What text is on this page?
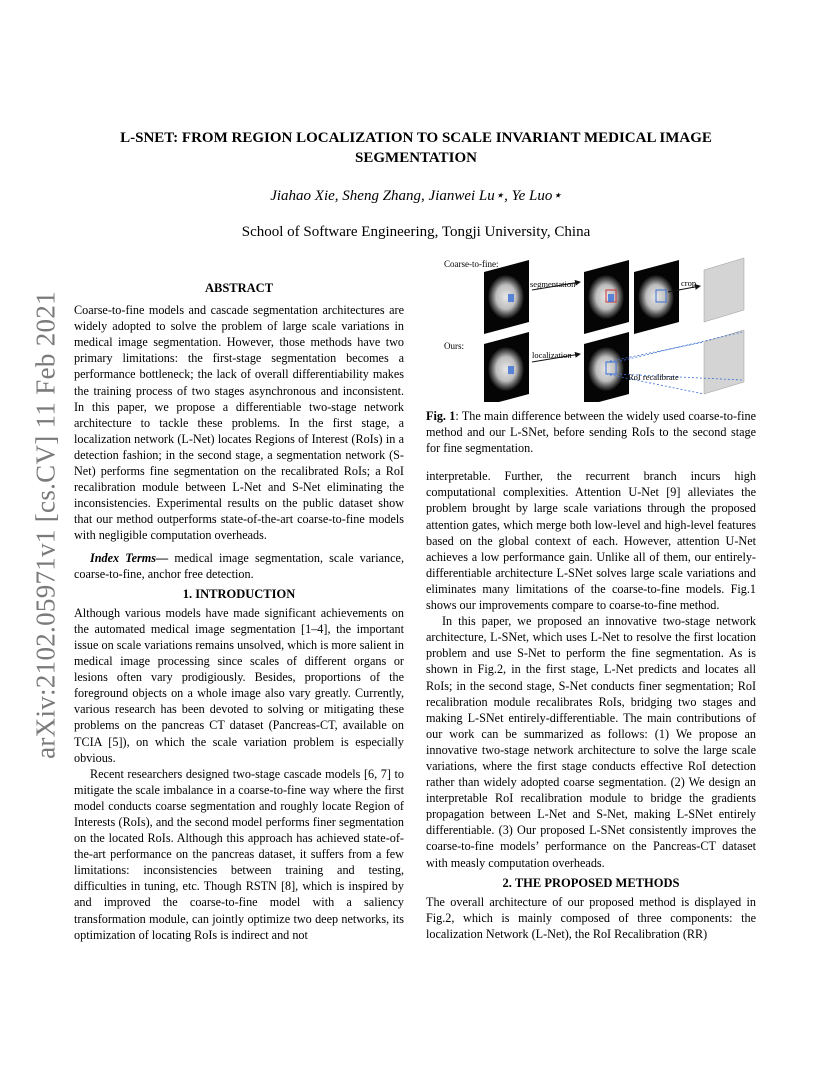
arXiv:2102.05971v1 [cs.CV] 11 Feb 2021
L-SNET: FROM REGION LOCALIZATION TO SCALE INVARIANT MEDICAL IMAGE SEGMENTATION
Jiahao Xie, Sheng Zhang, Jianwei Lu⋆, Ye Luo⋆
School of Software Engineering, Tongji University, China
ABSTRACT

Coarse-to-fine models and cascade segmentation architectures are widely adopted to solve the problem of large scale variations in medical image segmentation. However, those methods have two primary limitations: the first-stage segmentation becomes a performance bottleneck; the lack of overall differentiability makes the training process of two stages asynchronous and inconsistent. In this paper, we propose a differentiable two-stage network architecture to tackle these problems. In the first stage, a localization network (L-Net) locates Regions of Interest (RoIs) in a detection fashion; in the second stage, a segmentation network (S-Net) performs fine segmentation on the recalibrated RoIs; a RoI recalibration module between L-Net and S-Net eliminating the inconsistencies. Experimental results on the public dataset show that our method outperforms state-of-the-art coarse-to-fine models with negligible computation overheads.

Index Terms— medical image segmentation, scale variance, coarse-to-fine, anchor free detection.

1. INTRODUCTION

Although various models have made significant achievements on the automated medical image segmentation [1–4], the important issue on scale variations remains unsolved, which is more salient in medical image processing since scales of different organs or lesions often vary prodigiously. Besides, proportions of the foreground objects on a whole image also vary greatly. Currently, various research has been devoted to solving or mitigating these problems on the pancreas CT dataset (Pancreas-CT, available on TCIA [5]), on which the scale variation problem is especially obvious.

Recent researchers designed two-stage cascade models [6, 7] to mitigate the scale imbalance in a coarse-to-fine way where the first model conducts coarse segmentation and roughly locate Region of Interests (RoIs), and the second model performs finer segmentation on the located RoIs. Although this approach has achieved state-of-the-art performance on the pancreas dataset, it suffers from a few limitations: inconsistencies between training and testing, difficulties in tuning, etc. Though RSTN [8], which is inspired by and improved the coarse-to-fine model with a saliency transformation module, can jointly optimize two deep networks, its optimization of locating RoIs is indirect and not

Coarse-to-fine:
Ours:
segmentation	crop
localization
RoI recalibrate

Fig. 1: The main difference between the widely used coarse-to-fine method and our L-SNet, before sending RoIs to the second stage for fine segmentation.

interpretable. Further, the recurrent branch incurs high computational complexities. Attention U-Net [9] alleviates the problem brought by large scale variations through the proposed attention gates, which merge both low-level and high-level features based on the global context of each. However, attention U-Net achieves a low performance gain. Unlike all of them, our entirely-differentiable architecture L-SNet solves large scale variations and eliminates many limitations of the coarse-to-fine models. Fig.1 shows our improvements compare to coarse-to-fine method.

In this paper, we proposed an innovative two-stage network architecture, L-SNet, which uses L-Net to resolve the first location problem and use S-Net to perform the fine segmentation. As is shown in Fig.2, in the first stage, L-Net predicts and locates all RoIs; in the second stage, S-Net conducts finer segmentation; RoI recalibration module recalibrates RoIs, bridging two stages and making L-SNet entirely-differentiable. The main contributions of our work can be summarized as follows: (1) We propose an innovative two-stage network architecture to solve the large scale variations, where the first stage conducts effective RoI detection rather than widely adopted coarse segmentation. (2) We design an interpretable RoI recalibration module to bridge the gradients propagation between L-Net and S-Net, making L-SNet entirely differentiable. (3) Our proposed L-SNet consistently improves the coarse-to-fine models’ performance on the Pancreas-CT dataset with measly computation overheads.

2. THE PROPOSED METHODS

The overall architecture of our proposed method is displayed in Fig.2, which is mainly composed of three components: the localization Network (L-Net), the RoI Recalibration (RR)
